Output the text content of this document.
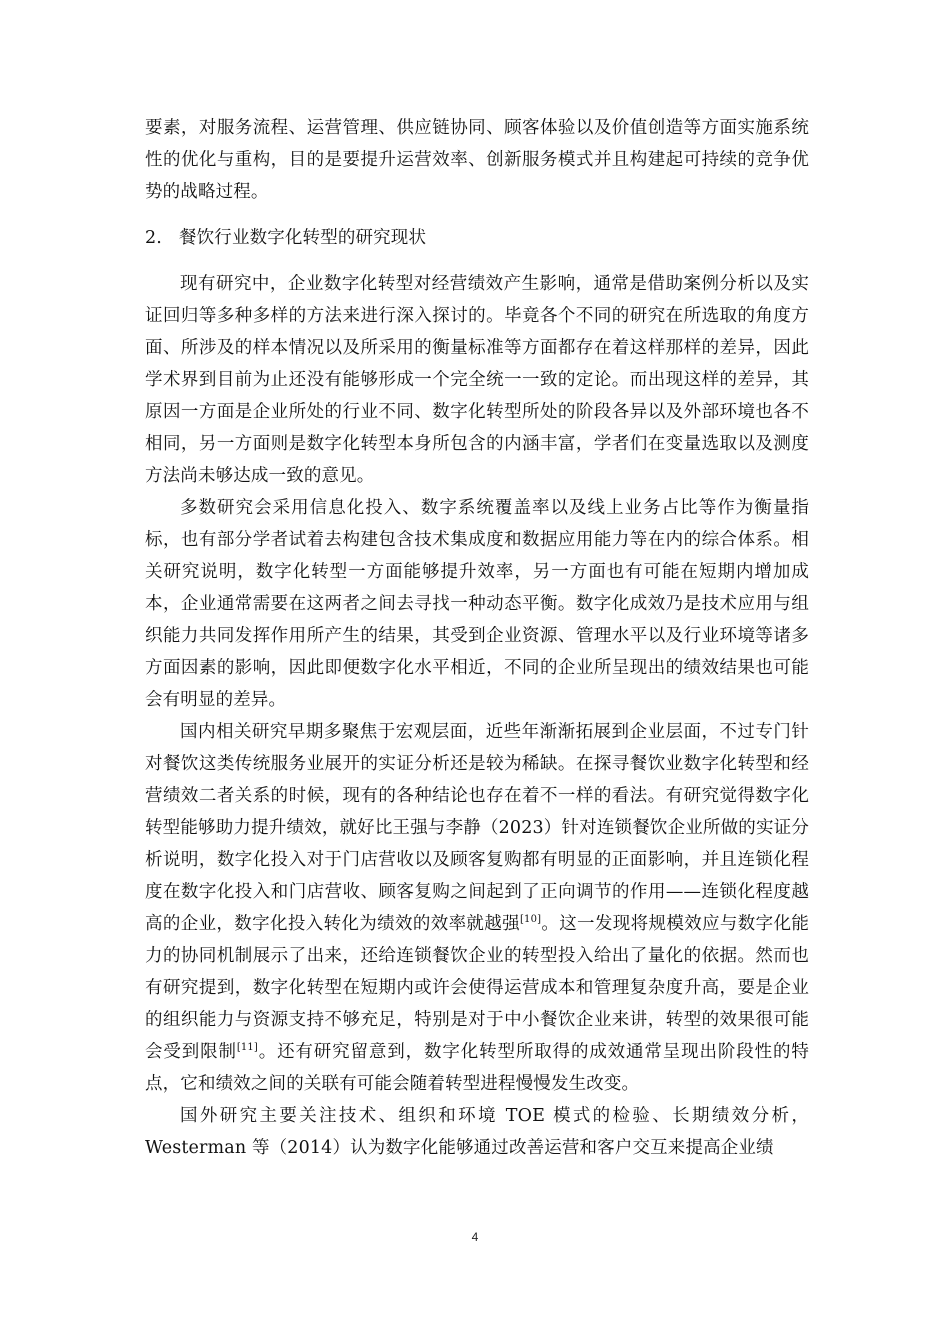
要素，对服务流程、运营管理、供应链协同、顾客体验以及价值创造等方面实施系统性的优化与重构，目的是要提升运营效率、创新服务模式并且构建起可持续的竞争优势的战略过程。

2. 餐饮行业数字化转型的研究现状

现有研究中，企业数字化转型对经营绩效产生影响，通常是借助案例分析以及实证回归等多种多样的方法来进行深入探讨的。毕竟各个不同的研究在所选取的角度方面、所涉及的样本情况以及所采用的衡量标准等方面都存在着这样那样的差异，因此学术界到目前为止还没有能够形成一个完全统一一致的定论。而出现这样的差异，其原因一方面是企业所处的行业不同、数字化转型所处的阶段各异以及外部环境也各不相同，另一方面则是数字化转型本身所包含的内涵丰富，学者们在变量选取以及测度方法尚未够达成一致的意见。

多数研究会采用信息化投入、数字系统覆盖率以及线上业务占比等作为衡量指标，也有部分学者试着去构建包含技术集成度和数据应用能力等在内的综合体系。相关研究说明，数字化转型一方面能够提升效率，另一方面也有可能在短期内增加成本，企业通常需要在这两者之间去寻找一种动态平衡。数字化成效乃是技术应用与组织能力共同发挥作用所产生的结果，其受到企业资源、管理水平以及行业环境等诸多方面因素的影响，因此即便数字化水平相近，不同的企业所呈现出的绩效结果也可能会有明显的差异。

国内相关研究早期多聚焦于宏观层面，近些年渐渐拓展到企业层面，不过专门针对餐饮这类传统服务业展开的实证分析还是较为稀缺。在探寻餐饮业数字化转型和经营绩效二者关系的时候，现有的各种结论也存在着不一样的看法。有研究觉得数字化转型能够助力提升绩效，就好比王强与李静（2023）针对连锁餐饮企业所做的实证分析说明，数字化投入对于门店营收以及顾客复购都有明显的正面影响，并且连锁化程度在数字化投入和门店营收、顾客复购之间起到了正向调节的作用——连锁化程度越高的企业，数字化投入转化为绩效的效率就越强[10]。这一发现将规模效应与数字化能力的协同机制展示了出来，还给连锁餐饮企业的转型投入给出了量化的依据。然而也有研究提到，数字化转型在短期内或许会使得运营成本和管理复杂度升高，要是企业的组织能力与资源支持不够充足，特别是对于中小餐饮企业来讲，转型的效果很可能会受到限制[11]。还有研究留意到，数字化转型所取得的成效通常呈现出阶段性的特点，它和绩效之间的关联有可能会随着转型进程慢慢发生改变。

国外研究主要关注技术、组织和环境 TOE 模式的检验、长期绩效分析，Westerman 等（2014）认为数字化能够通过改善运营和客户交互来提高企业绩

4
